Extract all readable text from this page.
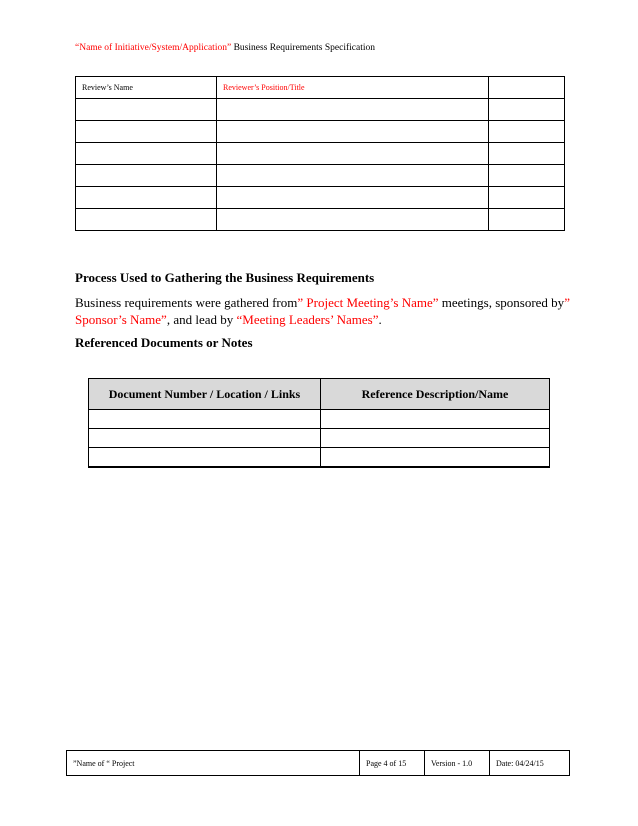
“Name of Initiative/System/Application” Business Requirements Specification
Review’s Name	Reviewer’s Position/Title	

Process Used to Gathering the Business Requirements
Business requirements were gathered from” Project Meeting’s Name” meetings, sponsored by” Sponsor’s Name”, and lead by “Meeting Leaders’ Names”.
Referenced Documents or Notes
Document Number / Location / Links	Reference Description/Name

”Name of “ Project	Page 4 of 15	Version - 1.0	Date: 04/24/15
